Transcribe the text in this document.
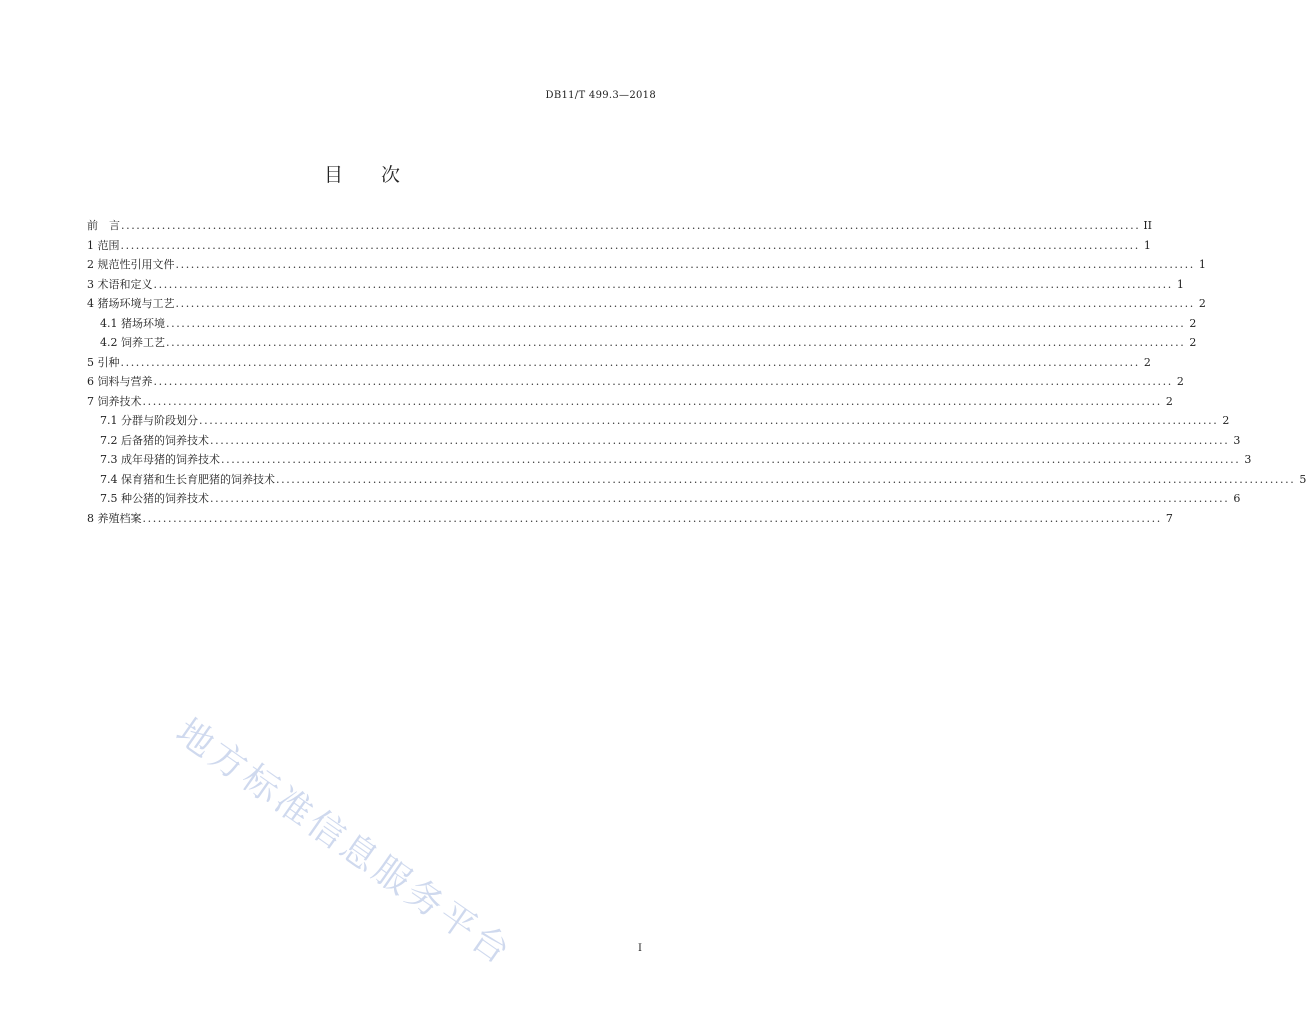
DB11/T 499.3—2018
目 次
前　言 ........................................................................................................................................................................................................ II
1 范围 ........................................................................................................................................................................................................ 1
2 规范性引用文件 ........................................................................................................................................................................................................ 1
3 术语和定义 ........................................................................................................................................................................................................ 1
4 猪场环境与工艺 ........................................................................................................................................................................................................ 2
4.1 猪场环境 ........................................................................................................................................................................................................ 2
4.2 饲养工艺 ........................................................................................................................................................................................................ 2
5 引种 ........................................................................................................................................................................................................ 2
6 饲料与营养 ........................................................................................................................................................................................................ 2
7 饲养技术 ........................................................................................................................................................................................................ 2
7.1 分群与阶段划分 ........................................................................................................................................................................................................ 2
7.2 后备猪的饲养技术 ........................................................................................................................................................................................................ 3
7.3 成年母猪的饲养技术 ........................................................................................................................................................................................................ 3
7.4 保育猪和生长育肥猪的饲养技术 ........................................................................................................................................................................................................ 5
7.5 种公猪的饲养技术 ........................................................................................................................................................................................................ 6
8 养殖档案 ........................................................................................................................................................................................................ 7
地方标准信息服务平台	I
